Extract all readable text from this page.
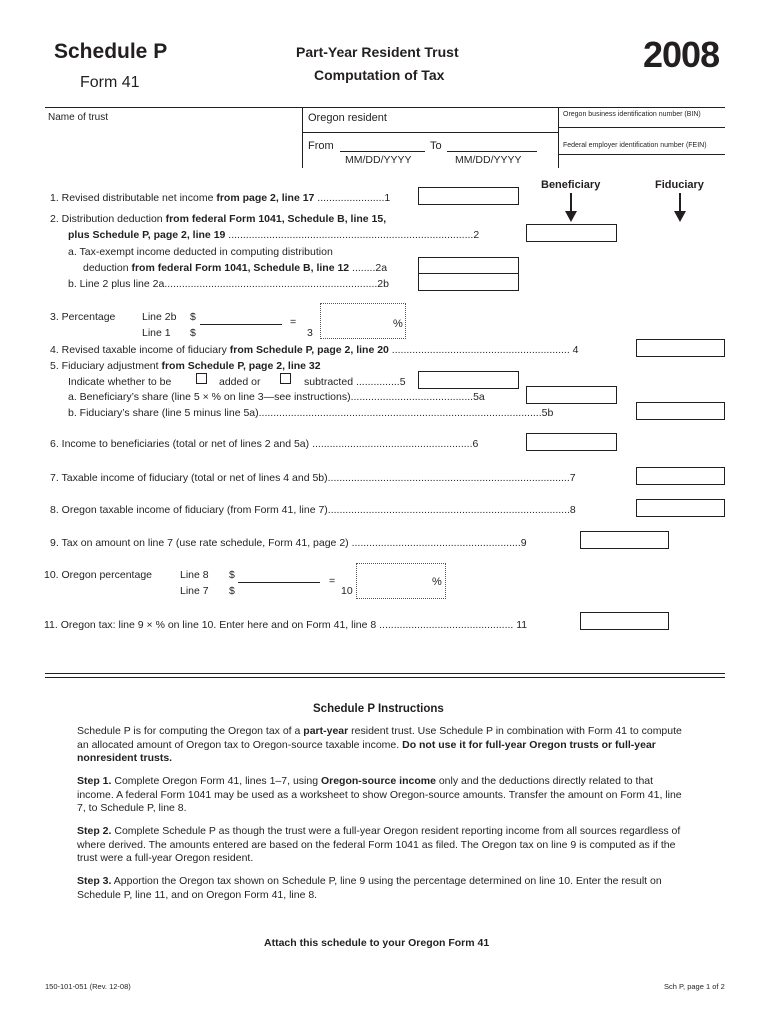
Schedule P
Form 41
Part-Year Resident Trust
Computation of Tax	2008
Name of trust	Oregon resident
From	To
MM/DD/YYYY	MM/DD/YYYY
Oregon business identification number (BIN)
Federal employer identification number (FEIN)
Beneficiary	Fiduciary
1. Revised distributable net income from page 2, line 17 .......................1
2. Distribution deduction from federal Form 1041, Schedule B, line 15,
plus Schedule P, page 2, line 19 ....................................................................................2
a. Tax-exempt income deducted in computing distribution
deduction from federal Form 1041, Schedule B, line 12 ........2a
b. Line 2 plus line 2a.........................................................................2b
3. Percentage	Line 2b $
Line 1 $
=
3
%
4. Revised taxable income of fiduciary from Schedule P, page 2, line 20 ............................................................. 4
5. Fiduciary adjustment from Schedule P, page 2, line 32
Indicate whether to be	added or	subtracted ...............5
a. Beneficiary’s share (line 5 × % on line 3—see instructions)..........................................5a
b. Fiduciary’s share (line 5 minus line 5a).................................................................................................5b
6. Income to beneficiaries (total or net of lines 2 and 5a) .......................................................6
7. Taxable income of fiduciary (total or net of lines 4 and 5b)...................................................................................7
8. Oregon taxable income of fiduciary (from Form 41, line 7)...................................................................................8
9. Tax on amount on line 7 (use rate schedule, Form 41, page 2) ..........................................................9
10. Oregon percentage	Line 8 $
Line 7 $
=
10
%
11. Oregon tax: line 9 × % on line 10. Enter here and on Form 41, line 8 .............................................. 11
Schedule P Instructions
Schedule P is for computing the Oregon tax of a part-year resident trust. Use Schedule P in combination with Form 41 to compute an allocated amount of Oregon tax to Oregon-source taxable income. Do not use it for full-year Oregon trusts or full-year nonresident trusts.
Step 1. Complete Oregon Form 41, lines 1–7, using Oregon-source income only and the deductions directly related to that income. A federal Form 1041 may be used as a worksheet to show Oregon-source amounts. Transfer the amount on Form 41, line 7, to Schedule P, line 8.
Step 2. Complete Schedule P as though the trust were a full-year Oregon resident reporting income from all sources regardless of where derived. The amounts entered are based on the federal Form 1041 as filed. The Oregon tax on line 9 is computed as if the trust were a full-year Oregon resident.
Step 3. Apportion the Oregon tax shown on Schedule P, line 9 using the percentage determined on line 10. Enter the result on Schedule P, line 11, and on Oregon Form 41, line 8.
Attach this schedule to your Oregon Form 41
150-101-051 (Rev. 12-08)	Sch P, page 1 of 2
